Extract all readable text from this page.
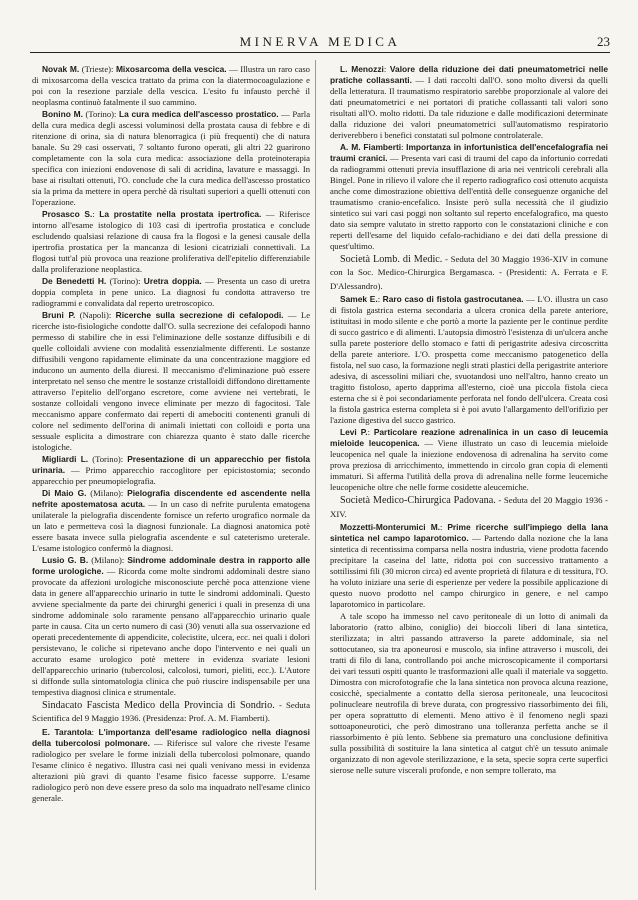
MINERVA MEDICA	23

Novak M. (Trieste): Mixosarcoma della vescica. — Illustra un raro caso di mixosarcoma della vescica trattato da prima con la diatermocoagulazione e poi con la resezione parziale della vescica. L'esito fu infausto perchè il neoplasma continuò fatalmente il suo cammino.

Bonino M. (Torino): La cura medica dell'ascesso prostatico. — Parla della cura medica degli ascessi voluminosi della prostata causa di febbre e di ritenzione di orina, sia di natura blenorragica (i più frequenti) che di natura banale. Su 29 casi osservati, 7 soltanto furono operati, gli altri 22 guarirono completamente con la sola cura medica: associazione della proteinoterapia specifica con iniezioni endovenose di sali di acridina, lavature e massaggi. In base ai risultati ottenuti, l'O. conclude che la cura medica dell'ascesso prostatico sia la prima da mettere in opera perchè dà risultati superiori a quelli ottenuti con l'operazione.

Prosasco S.: La prostatite nella prostata ipertrofica. — Riferisce intorno all'esame istologico di 103 casi di ipertrofia prostatica e conclude escludendo qualsiasi relazione di causa fra la flogosi e la genesi causale della ipertrofia prostatica per la mancanza di lesioni cicatriziali connettivali. La flogosi tutt'al più provoca una reazione proliferativa dell'epitelio differenziabile dalla proliferazione neoplastica.

De Benedetti H. (Torino): Uretra doppia. — Presenta un caso di uretra doppia completa in pene unico. La diagnosi fu condotta attraverso tre radiogrammi e convalidata dal reperto uretroscopico.

Bruni P. (Napoli): Ricerche sulla secrezione di cefalopodi. — Le ricerche isto-fisiologiche condotte dall'O. sulla secrezione dei cefalopodi hanno permesso di stabilire che in essi l'eliminazione delle sostanze diffusibili e di quelle colloidali avviene con modalità essenzialmente differenti. Le sostanze diffusibili vengono rapidamente eliminate da una concentrazione maggiore ed inducono un aumento della diuresi. Il meccanismo d'eliminazione può essere interpretato nel senso che mentre le sostanze cristalloidi diffondono direttamente attraverso l'epitelio dell'organo escretore, come avviene nei vertebrati, le sostanze colloidali vengono invece eliminate per mezzo di fagocitosi. Tale meccanismo appare confermato dai reperti di amebociti contenenti granuli di colore nel sedimento dell'orina di animali iniettati con colloidi e porta una sessuale esplicita a dimostrare con chiarezza quanto è stato dalle ricerche istologiche.

Migliardi L. (Torino): Presentazione di un apparecchio per fistola urinaria. — Primo apparecchio raccoglitore per epicistostomia; secondo apparecchio per pneumopielografia.

Di Maio G. (Milano): Pielografia discendente ed ascendente nella nefrite apostematosa acuta. — In un caso di nefrite purulenta ematogena unilaterale la pielografia discendente fornisce un referto urografico normale da un lato e permetteva così la diagnosi funzionale. La diagnosi anatomica potè essere basata invece sulla pielografia ascendente e sul cateterismo ureterale. L'esame istologico confermò la diagnosi.

Lusio G. B. (Milano): Sindrome addominale destra in rapporto alle forme urologiche. — Ricorda come molte sindromi addominali destre siano provocate da affezioni urologiche misconosciute perchè poca attenzione viene data in genere all'apparecchio urinario in tutte le sindromi addominali. Questo avviene specialmente da parte dei chirurghi generici i quali in presenza di una sindrome addominale solo raramente pensano all'apparecchio urinario quale parte in causa. Cita un certo numero di casi (30) venuti alla sua osservazione ed operati precedentemente di appendicite, colecistite, ulcera, ecc. nei quali i dolori persistevano, le coliche si ripetevano anche dopo l'intervento e nei quali un accurato esame urologico potè mettere in evidenza svariate lesioni dell'apparecchio urinario (tubercolosi, calcolosi, tumori, pieliti, ecc.). L'Autore si diffonde sulla sintomatologia clinica che può riuscire indispensabile per una tempestiva diagnosi clinica e strumentale.

Sindacato Fascista Medico della Provincia di Sondrio. - Seduta Scientifica del 9 Maggio 1936. (Presidenza: Prof. A. M. Fiamberti).

E. Tarantola: L'importanza dell'esame radiologico nella diagnosi della tubercolosi polmonare. — Riferisce sul valore che riveste l'esame radiologico per svelare le forme iniziali della tubercolosi polmonare, quando l'esame clinico è negativo. Illustra casi nei quali venivano messi in evidenza alterazioni più gravi di quanto l'esame fisico facesse supporre. L'esame radiologico però non deve essere preso da solo ma inquadrato nell'esame clinico generale.

L. Menozzi: Valore della riduzione dei dati pneumatometrici nelle pratiche collassanti. — I dati raccolti dall'O. sono molto diversi da quelli della letteratura. Il traumatismo respiratorio sarebbe proporzionale al valore dei dati pneumatometrici e nei portatori di pratiche collassanti tali valori sono risultati all'O. molto ridotti. Da tale riduzione e dalle modificazioni determinate dalla riduzione dei valori pneumatometrici sull'automatismo respiratorio deriverebbero i benefici constatati sul polmone controlaterale.

A. M. Fiamberti: Importanza in infortunistica dell'encefalografia nei traumi cranici. — Presenta vari casi di traumi del capo da infortunio corredati da radiogrammi ottenuti previa insufflazione di aria nei ventricoli cerebrali alla Bingel. Pone in rilievo il valore che il reperto radiografico così ottenuto acquista anche come dimostrazione obiettiva dell'entità delle conseguenze organiche del traumatismo cranio-encefalico. Insiste però sulla necessità che il giudizio sintetico sui vari casi poggi non soltanto sul reperto encefalografico, ma questo dato sia sempre valutato in stretto rapporto con le constatazioni cliniche e con reperti dell'esame del liquido cefalo-rachidiano e dei dati della pressione di quest'ultimo.

Società Lomb. di Medic. - Seduta del 30 Maggio 1936-XIV in comune con la Soc. Medico-Chirurgica Bergamasca. - (Presidenti: A. Ferrata e F. D'Alessandro).

Samek E.: Raro caso di fistola gastrocutanea. — L'O. illustra un caso di fistola gastrica esterna secondaria a ulcera cronica della parete anteriore, istituitasi in modo silente e che portò a morte la paziente per le continue perdite di succo gastrico e di alimenti. L'autopsia dimostrò l'esistenza di un'ulcera anche sulla parete posteriore dello stomaco e fatti di perigastrite adesiva circoscritta della parete anteriore. L'O. prospetta come meccanismo patogenetico della fistola, nel suo caso, la formazione negli strati plastici della perigastrite anteriore adesiva, di ascessolini miliari che, svuotandosi uno nell'altro, hanno creato un tragitto fistoloso, aperto dapprima all'esterno, cioè una piccola fistola cieca esterna che si è poi secondariamente perforata nel fondo dell'ulcera. Creata così la fistola gastrica esterna completa si è poi avuto l'allargamento dell'orifizio per l'azione digestiva del succo gastrico.

Levi P.: Particolare reazione adrenalinica in un caso di leucemia mieloide leucopenica. — Viene illustrato un caso di leucemia mieloide leucopenica nel quale la iniezione endovenosa di adrenalina ha servito come prova preziosa di arricchimento, immettendo in circolo gran copia di elementi immaturi. Si afferma l'utilità della prova di adrenalina nelle forme leucemiche leucopeniche oltre che nelle forme cosidette aleucemiche.

Società Medico-Chirurgica Padovana. - Seduta del 20 Maggio 1936 - XIV.

Mozzetti-Monterumici M.: Prime ricerche sull'impiego della lana sintetica nel campo laparotomico. — Partendo dalla nozione che la lana sintetica di recentissima comparsa nella nostra industria, viene prodotta facendo precipitare la caseina del latte, ridotta poi con successivo trattamento a sottilissimi fili (30 micron circa) ed avente proprietà di filatura e di tessitura, l'O. ha voluto iniziare una serie di esperienze per vedere la possibile applicazione di questo nuovo prodotto nel campo chirurgico in genere, e nel campo laparotomico in particolare.

A tale scopo ha immesso nel cavo peritoneale di un lotto di animali da laboratorio (ratto albino, coniglio) dei bioccoli liberi di lana sintetica, sterilizzata; in altri passando attraverso la parete addominale, sia nel sottocutaneo, sia tra aponeurosi e muscolo, sia infine attraverso i muscoli, dei tratti di filo di lana, controllando poi anche microscopicamente il comportarsi dei vari tessuti ospiti quanto le trasformazioni alle quali il materiale va soggetto. Dimostra con microfotografie che la lana sintetica non provoca alcuna reazione, cosicchè, specialmente a contatto della sierosa peritoneale, una leucocitosi polinucleare neutrofila di breve durata, con progressivo riassorbimento dei fili, per opera soprattutto di elementi. Meno attivo è il fenomeno negli spazi sottoaponeurotici, che però dimostrano una tolleranza perfetta anche se il riassorbimento è più lento. Sebbene sia prematuro una conclusione definitiva sulla possibilità di sostituire la lana sintetica al catgut ch'è un tessuto animale organizzato di non agevole sterilizzazione, e la seta, specie sopra certe superfici sierose nelle suture viscerali profonde, e non sempre tollerato, ma
